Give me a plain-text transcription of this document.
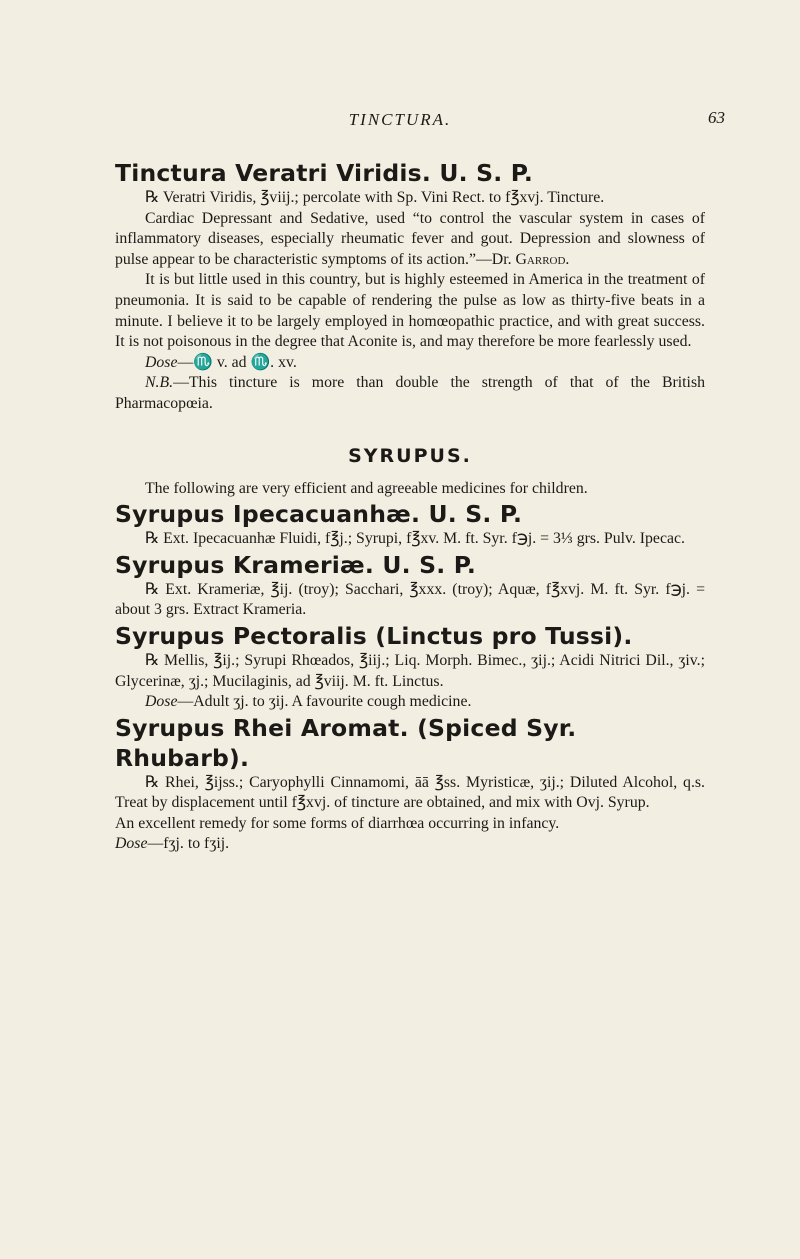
TINCTURA.	63
Tinctura Veratri Viridis. U. S. P.

℞ Veratri Viridis, ℥viij.; percolate with Sp. Vini Rect. to f℥xvj. Tincture.

Cardiac Depressant and Sedative, used “to control the vascular system in cases of inflammatory diseases, especially rheumatic fever and gout. Depression and slowness of pulse appear to be characteristic symptoms of its action.”—Dr. Garrod.

It is but little used in this country, but is highly esteemed in America in the treatment of pneumonia. It is said to be capable of rendering the pulse as low as thirty-five beats in a minute. I believe it to be largely employed in homœopathic practice, and with great success. It is not poisonous in the degree that Aconite is, and may therefore be more fearlessly used.

Dose—♏ v. ad ♏. xv.

N.B.—This tincture is more than double the strength of that of the British Pharmacopœia.

SYRUPUS.

The following are very efficient and agreeable medicines for children.

Syrupus Ipecacuanhæ. U. S. P.

℞ Ext. Ipecacuanhæ Fluidi, f℥j.; Syrupi, f℥xv. M. ft. Syr. f℈j. = 3⅓ grs. Pulv. Ipecac.

Syrupus Krameriæ. U. S. P.

℞ Ext. Krameriæ, ℥ij. (troy); Sacchari, ℥xxx. (troy); Aquæ, f℥xvj. M. ft. Syr. f℈j. = about 3 grs. Extract Krameria.

Syrupus Pectoralis (Linctus pro Tussi).

℞ Mellis, ℥ij.; Syrupi Rhœados, ℥iij.; Liq. Morph. Bimec., ʒij.; Acidi Nitrici Dil., ʒiv.; Glycerinæ, ʒj.; Mucilaginis, ad ℥viij. M. ft. Linctus.

Dose—Adult ʒj. to ʒij. A favourite cough medicine.

Syrupus Rhei Aromat. (Spiced Syr. Rhubarb).

℞ Rhei, ℥ijss.; Caryophylli Cinnamomi, āā ℥ss. Myristicæ, ʒij.; Diluted Alcohol, q.s. Treat by displacement until f℥xvj. of tincture are obtained, and mix with Ovj. Syrup.

An excellent remedy for some forms of diarrhœa occurring in infancy.

Dose—fʒj. to fʒij.
